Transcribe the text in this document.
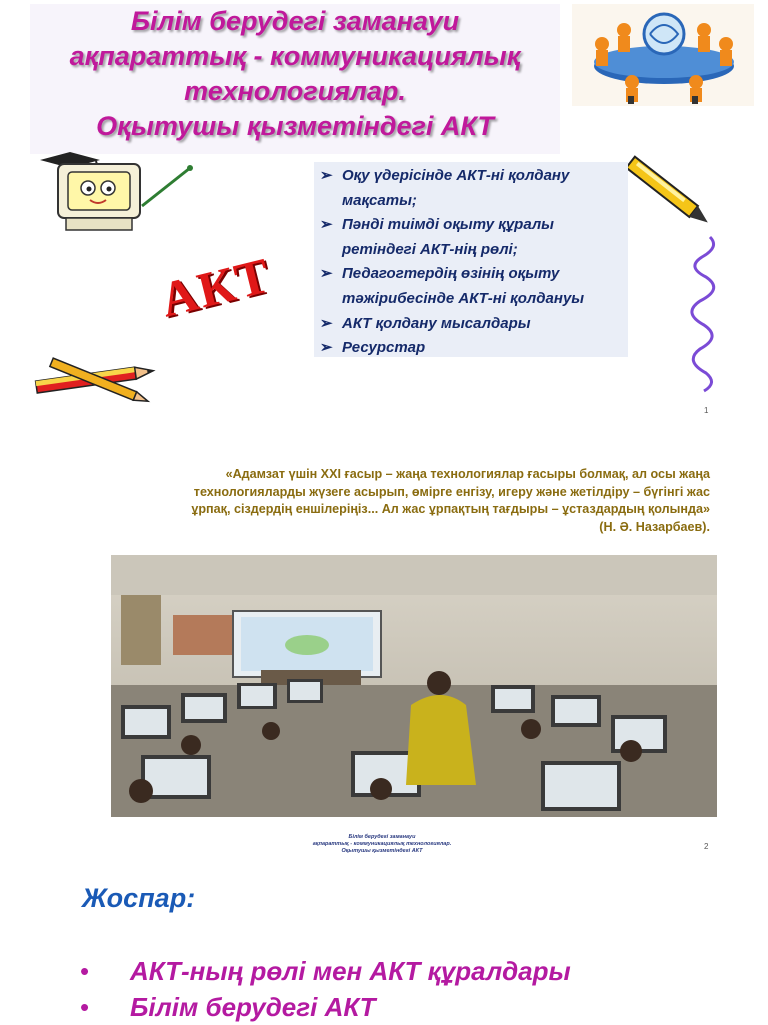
Білім берудегі заманауи
ақпараттық - коммуникациялық
технологиялар.
Оқытушы қызметіндегі АКТ
АКТ
➢ Оқу үдерісінде АКТ-ні қолдану мақсаты;
➢ Пәнді тиімді оқыту құралы ретіндегі АКТ-нің рөлі;
➢ Педагогтердің өзінің оқыту тәжірибесінде АКТ-ні қолдануы
➢ АКТ қолдану мысалдары
➢ Ресурстар
1

«Адамзат үшін XXI ғасыр – жаңа технологиялар ғасыры болмақ, ал осы жаңа
технологияларды жүзеге асырып, өмірге енгізу, игеру және жетілдіру – бүгінгі жас
ұрпақ, сіздердің еншілеріңіз... Ал жас ұрпақтың тағдыры – ұстаздардың қолында»
(Н. Ә. Назарбаев).

Білім берудегі заманауи
ақпараттық - коммуникациялық технологиялар.
Оқытушы қызметіндегі АКТ	2
Жоспар:
• АКТ-ның рөлі мен АКТ құралдары
• Білім берудегі АКТ
